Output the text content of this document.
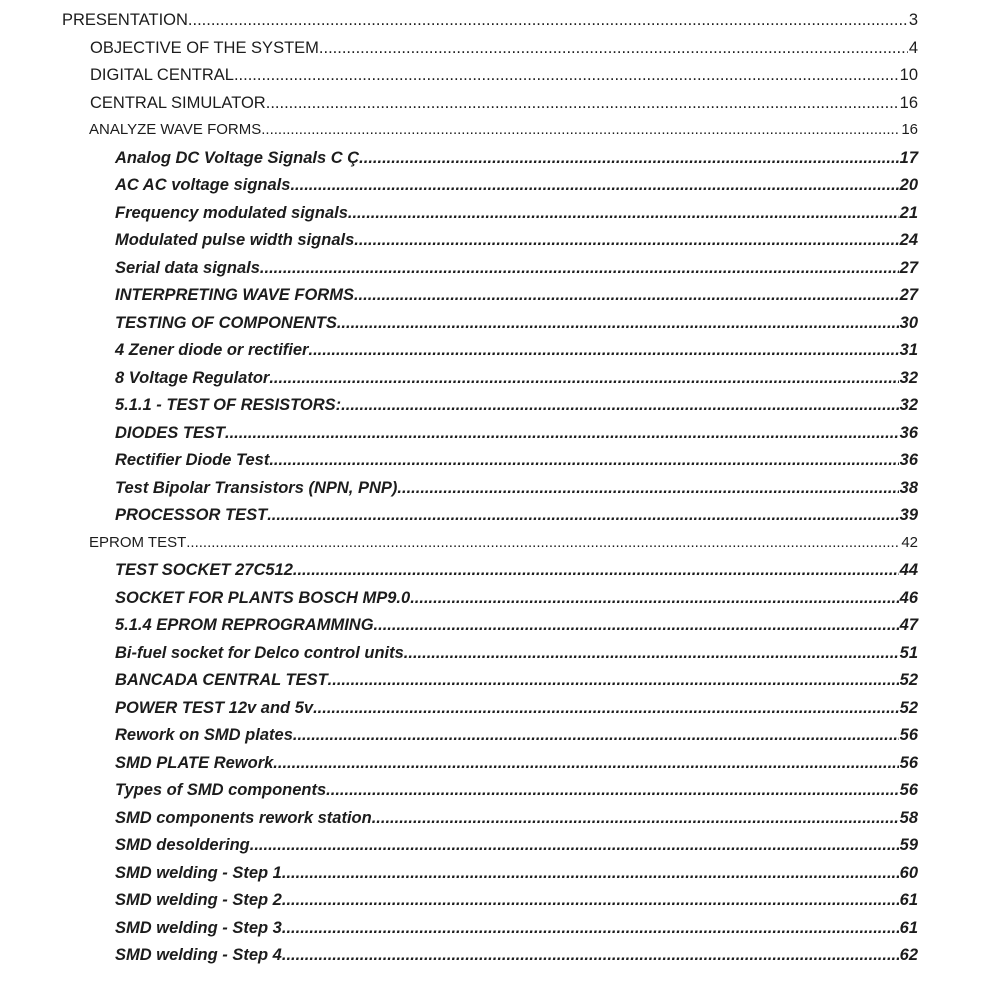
PRESENTATION .....	3
OBJECTIVE OF THE SYSTEM .....	4
DIGITAL CENTRAL .....	10
CENTRAL SIMULATOR .....	16
ANALYZE WAVE FORMS .....	16
Analog DC Voltage Signals C Ç .....	17
AC AC voltage signals .....	20
Frequency modulated signals .....	21
Modulated pulse width signals .....	24
Serial data signals .....	27
INTERPRETING WAVE FORMS .....	27
TESTING OF COMPONENTS .....	30
4 Zener diode or rectifier .....	31
8 Voltage Regulator .....	32
5.1.1 - TEST OF RESISTORS: .....	32
DIODES TEST .....	36
Rectifier Diode Test .....	36
Test Bipolar Transistors (NPN, PNP) .....	38
PROCESSOR TEST .....	39
EPROM TEST .....	42
TEST SOCKET 27C512 .....	44
SOCKET FOR PLANTS BOSCH MP9.0 .....	46
5.1.4 EPROM REPROGRAMMING .....	47
Bi-fuel socket for Delco control units .....	51
BANCADA CENTRAL TEST .....	52
POWER TEST 12v and 5v .....	52
Rework on SMD plates .....	56
SMD PLATE Rework .....	56
Types of SMD components .....	56
SMD components rework station .....	58
SMD desoldering .....	59
SMD welding - Step 1 .....	60
SMD welding - Step 2 .....	61
SMD welding - Step 3 .....	61
SMD welding - Step 4 .....	62
